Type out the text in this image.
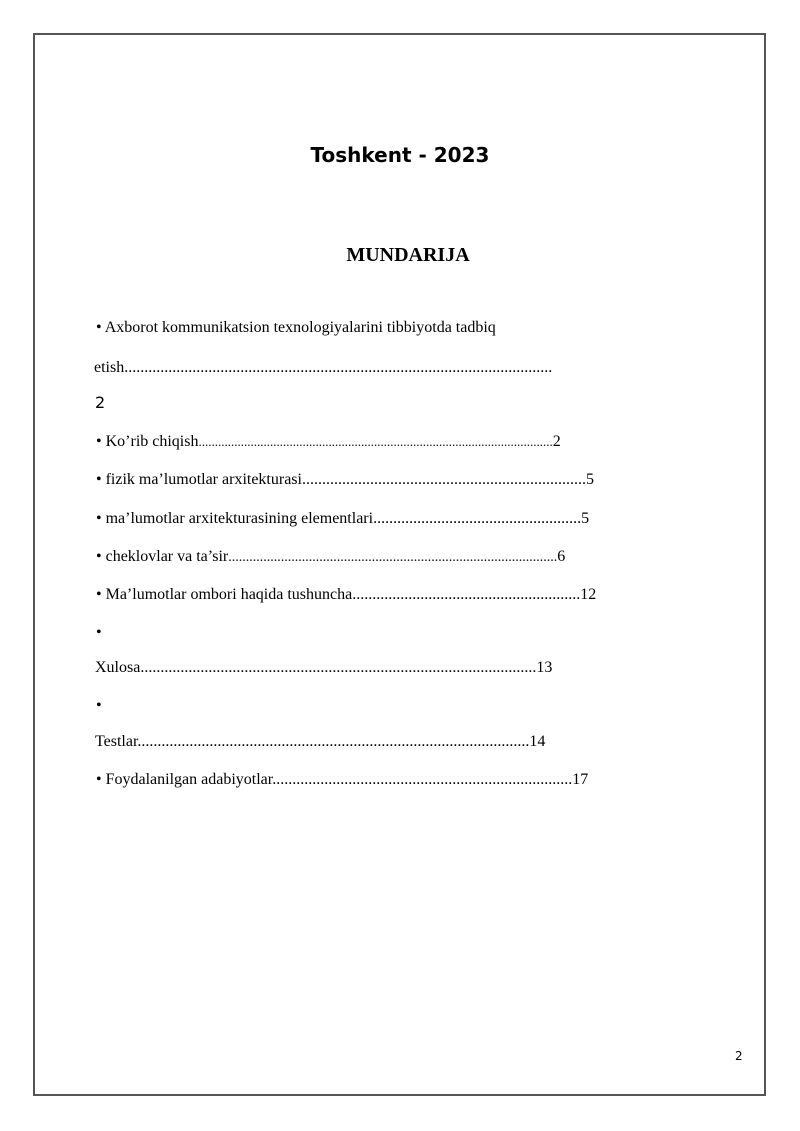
Toshkent - 2023
MUNDARIJA
• Axborot kommunikatsion texnologiyalarini tibbiyotda tadbiq
etish...........................................................................................................
2
• Ko’rib chiqish.............................................................................................................2
• fizik ma’lumotlar arxitekturasi.......................................................................5
• ma’lumotlar arxitekturasining elementlari....................................................5
• cheklovlar va ta’sir..............................................................................................6
• Ma’lumotlar ombori haqida tushuncha.........................................................12
•
Xulosa...................................................................................................13
•
Testlar..................................................................................................14
• Foydalanilgan adabiyotlar...........................................................................17
2
